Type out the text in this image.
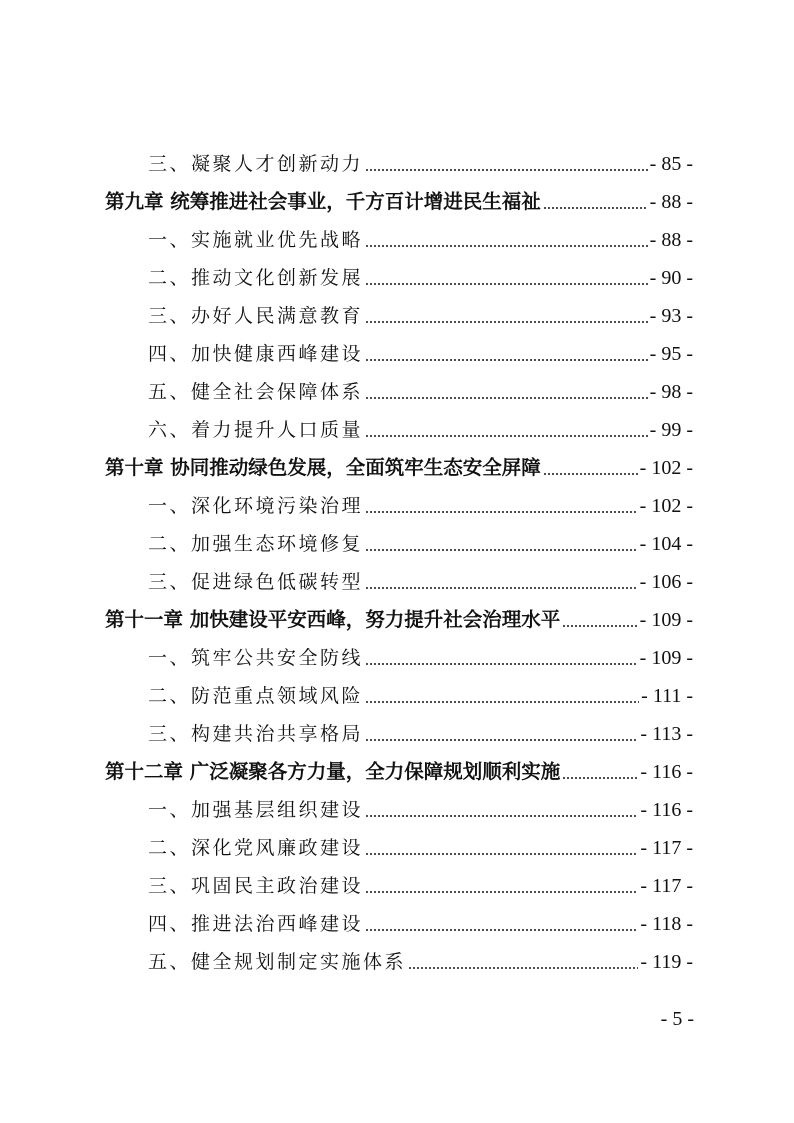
三、凝聚人才创新动力	- 85 -
第九章 统筹推进社会事业，千方百计增进民生福祉	- 88 -
一、实施就业优先战略	- 88 -
二、推动文化创新发展	- 90 -
三、办好人民满意教育	- 93 -
四、加快健康西峰建设	- 95 -
五、健全社会保障体系	- 98 -
六、着力提升人口质量	- 99 -
第十章 协同推动绿色发展，全面筑牢生态安全屏障	- 102 -
一、深化环境污染治理	- 102 -
二、加强生态环境修复	- 104 -
三、促进绿色低碳转型	- 106 -
第十一章 加快建设平安西峰，努力提升社会治理水平	- 109 -
一、筑牢公共安全防线	- 109 -
二、防范重点领域风险	- 111 -
三、构建共治共享格局	- 113 -
第十二章 广泛凝聚各方力量，全力保障规划顺利实施	- 116 -
一、加强基层组织建设	- 116 -
二、深化党风廉政建设	- 117 -
三、巩固民主政治建设	- 117 -
四、推进法治西峰建设	- 118 -
五、健全规划制定实施体系	- 119 -
- 5 -
